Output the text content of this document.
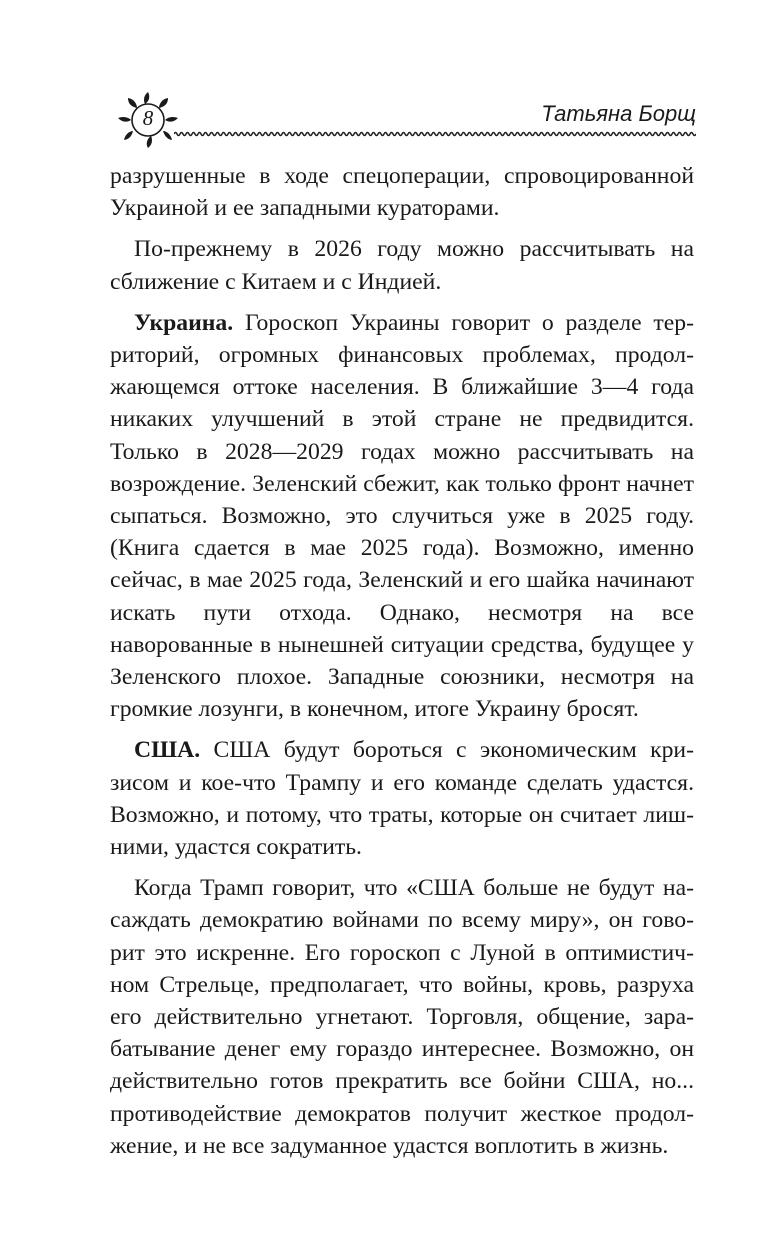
8	Татьяна Борщ

разрушенные в ходе спецоперации, спровоцированной Украиной и ее западными кураторами.

По-прежнему в 2026 году можно рассчитывать на сближение с Китаем и с Индией.

Украина. Гороскоп Украины говорит о разделе территорий, огромных финансовых проблемах, продолжающемся оттоке населения. В ближайшие 3—4 года никаких улучшений в этой стране не предвидится. Только в 2028—2029 годах можно рассчитывать на возрождение. Зеленский сбежит, как только фронт начнет сыпаться. Возможно, это случиться уже в 2025 году. (Книга сдается в мае 2025 года). Возможно, именно сейчас, в мае 2025 года, Зеленский и его шайка начинают искать пути отхода. Однако, несмотря на все наворованные в нынешней ситуации средства, будущее у Зеленского плохое. Западные союзники, несмотря на громкие лозунги, в конечном, итоге Украину бросят.

США. США будут бороться с экономическим кризисом и кое-что Трампу и его команде сделать удастся. Возможно, и потому, что траты, которые он считает лишними, удастся сократить.

Когда Трамп говорит, что «США больше не будут насаждать демократию войнами по всему миру», он говорит это искренне. Его гороскоп с Луной в оптимистичном Стрельце, предполагает, что войны, кровь, разруха его действительно угнетают. Торговля, общение, зарабатывание денег ему гораздо интереснее. Возможно, он действительно готов прекратить все бойни США, но... противодействие демократов получит жесткое продолжение, и не все задуманное удастся воплотить в жизнь.
